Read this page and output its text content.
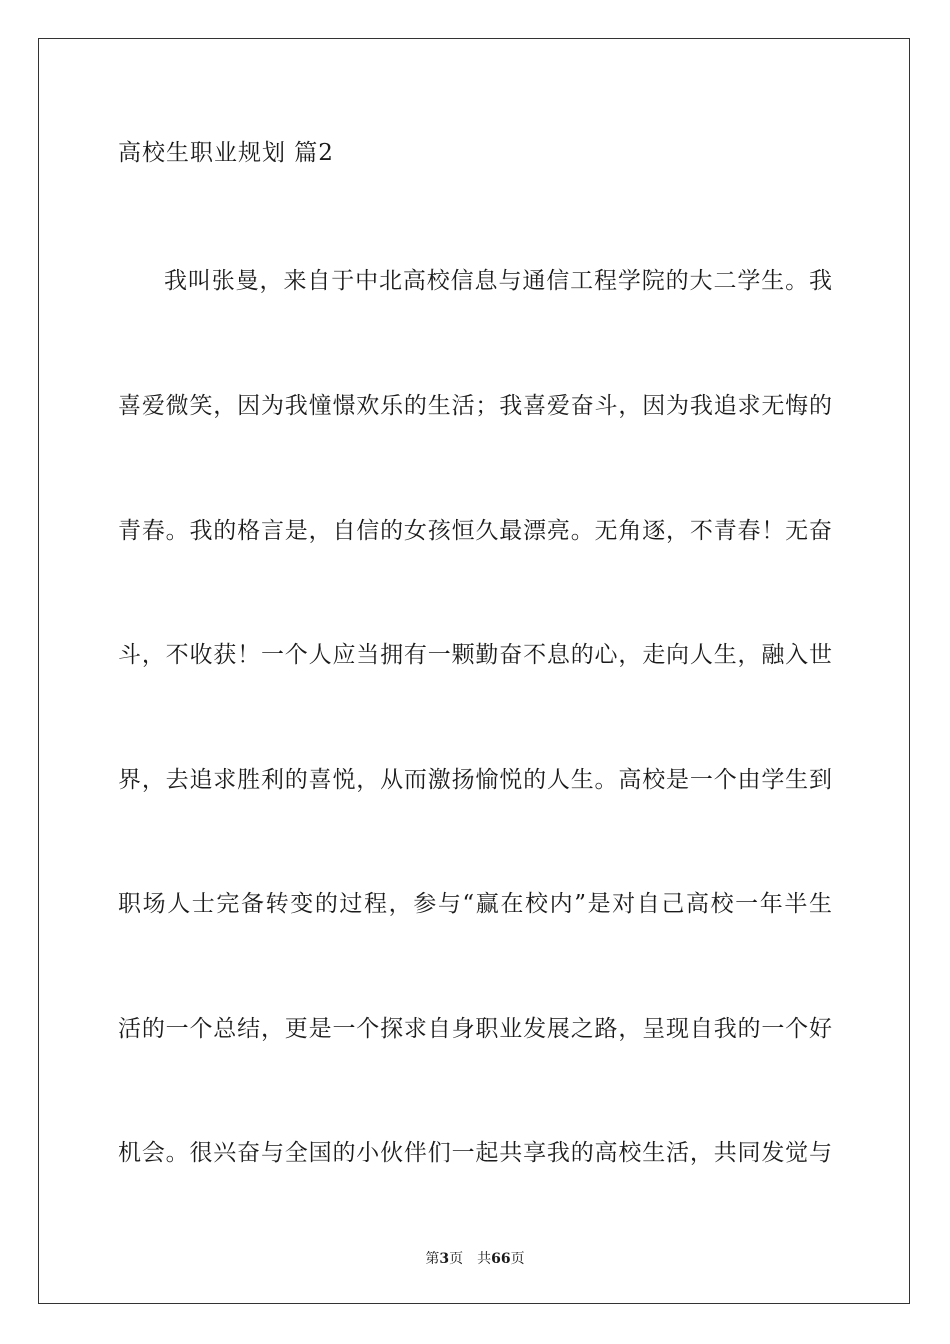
高校生职业规划 篇2
我叫张曼，来自于中北高校信息与通信工程学院的大二学生。我
喜爱微笑，因为我憧憬欢乐的生活；我喜爱奋斗，因为我追求无悔的
青春。我的格言是，自信的女孩恒久最漂亮。无角逐，不青春！无奋
斗，不收获！一个人应当拥有一颗勤奋不息的心，走向人生，融入世
界，去追求胜利的喜悦，从而激扬愉悦的人生。高校是一个由学生到
职场人士完备转变的过程，参与“赢在校内”是对自己高校一年半生
活的一个总结，更是一个探求自身职业发展之路，呈现自我的一个好
机会。很兴奋与全国的小伙伴们一起共享我的高校生活，共同发觉与
第3页 共66页
